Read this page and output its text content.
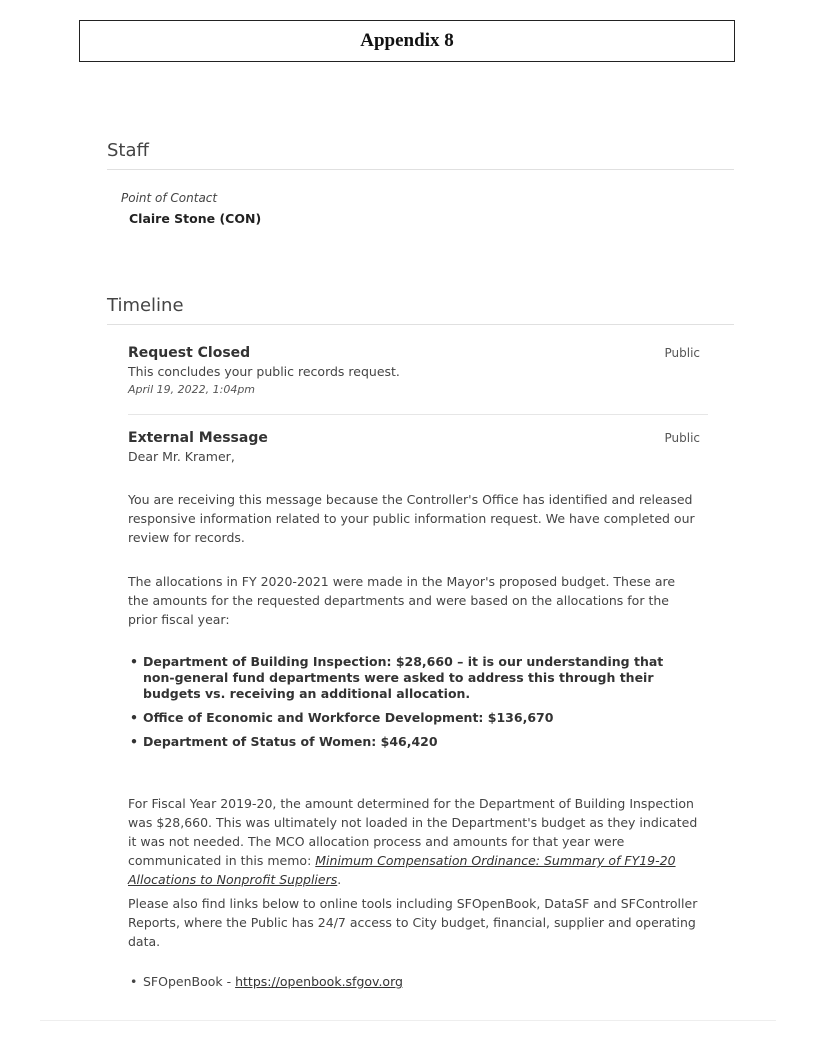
Appendix 8
Staff
Point of Contact
Claire Stone (CON)
Timeline
Request Closed	Public
This concludes your public records request.
April 19, 2022, 1:04pm
External Message	Public
Dear Mr. Kramer,

You are receiving this message because the Controller's Office has identified and released responsive information related to your public information request. We have completed our review for records.

The allocations in FY 2020-2021 were made in the Mayor's proposed budget. These are the amounts for the requested departments and were based on the allocations for the prior fiscal year:

• Department of Building Inspection: $28,660 – it is our understanding that non-general fund departments were asked to address this through their budgets vs. receiving an additional allocation.
• Office of Economic and Workforce Development: $136,670
• Department of Status of Women: $46,420

For Fiscal Year 2019-20, the amount determined for the Department of Building Inspection was $28,660. This was ultimately not loaded in the Department's budget as they indicated it was not needed. The MCO allocation process and amounts for that year were communicated in this memo: Minimum Compensation Ordinance: Summary of FY19-20 Allocations to Nonprofit Suppliers.

Please also find links below to online tools including SFOpenBook, DataSF and SFController Reports, where the Public has 24/7 access to City budget, financial, supplier and operating data.

• SFOpenBook - https://openbook.sfgov.org
